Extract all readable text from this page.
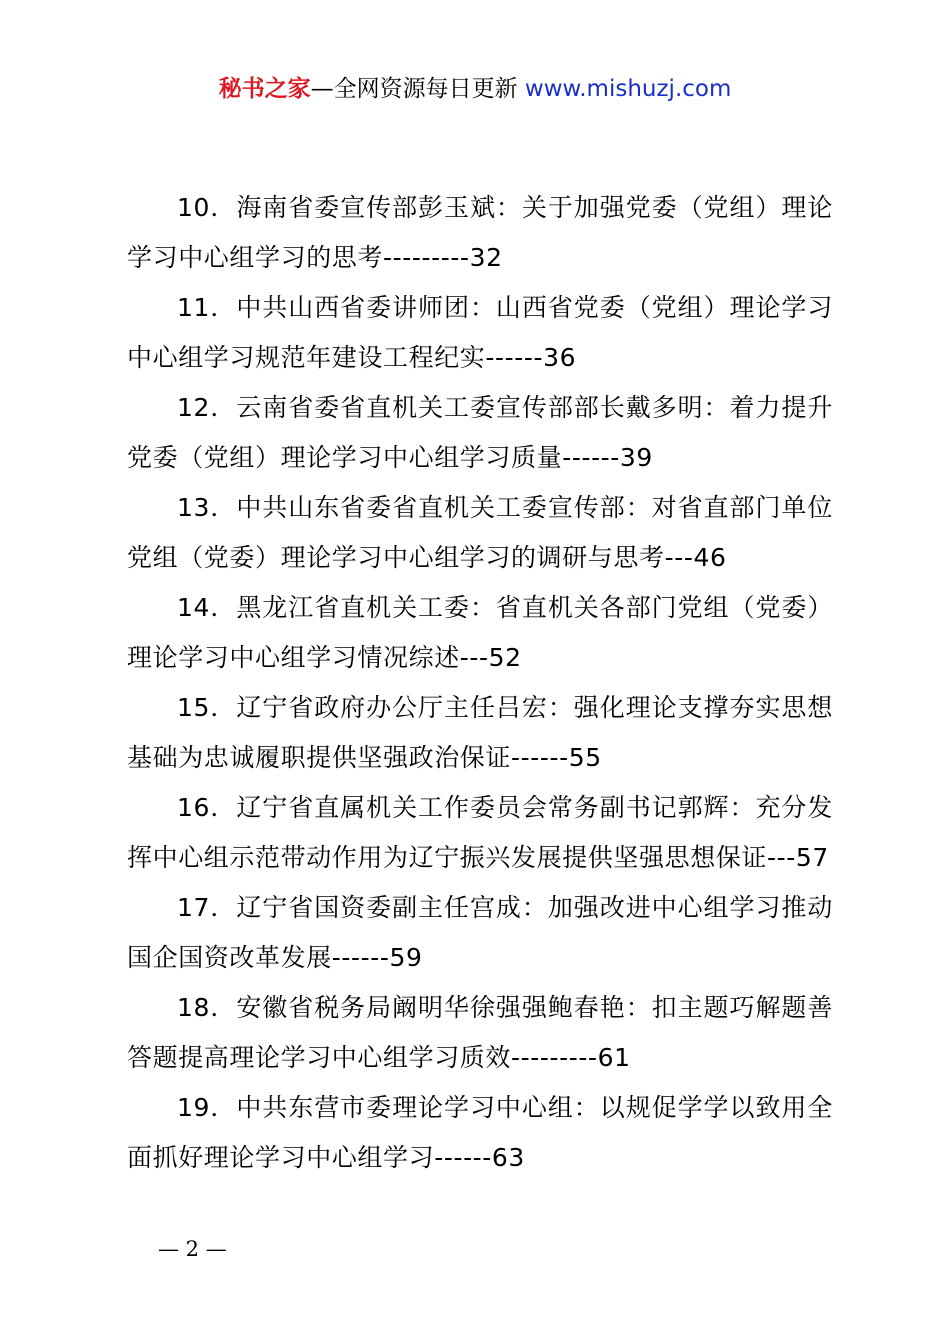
秘书之家—全网资源每日更新 www.mishuzj.com
10．海南省委宣传部彭玉斌：关于加强党委（党组）理论学习中心组学习的思考---------32
11．中共山西省委讲师团：山西省党委（党组）理论学习中心组学习规范年建设工程纪实------36
12．云南省委省直机关工委宣传部部长戴多明：着力提升党委（党组）理论学习中心组学习质量------39
13．中共山东省委省直机关工委宣传部：对省直部门单位党组（党委）理论学习中心组学习的调研与思考---46
14．黑龙江省直机关工委：省直机关各部门党组（党委）理论学习中心组学习情况综述---52
15．辽宁省政府办公厅主任吕宏：强化理论支撑夯实思想基础为忠诚履职提供坚强政治保证------55
16．辽宁省直属机关工作委员会常务副书记郭辉：充分发挥中心组示范带动作用为辽宁振兴发展提供坚强思想保证---57
17．辽宁省国资委副主任宫成：加强改进中心组学习推动国企国资改革发展------59
18．安徽省税务局阚明华徐强强鲍春艳：扣主题巧解题善答题提高理论学习中心组学习质效---------61
19．中共东营市委理论学习中心组：以规促学学以致用全面抓好理论学习中心组学习------63
— 2 —
